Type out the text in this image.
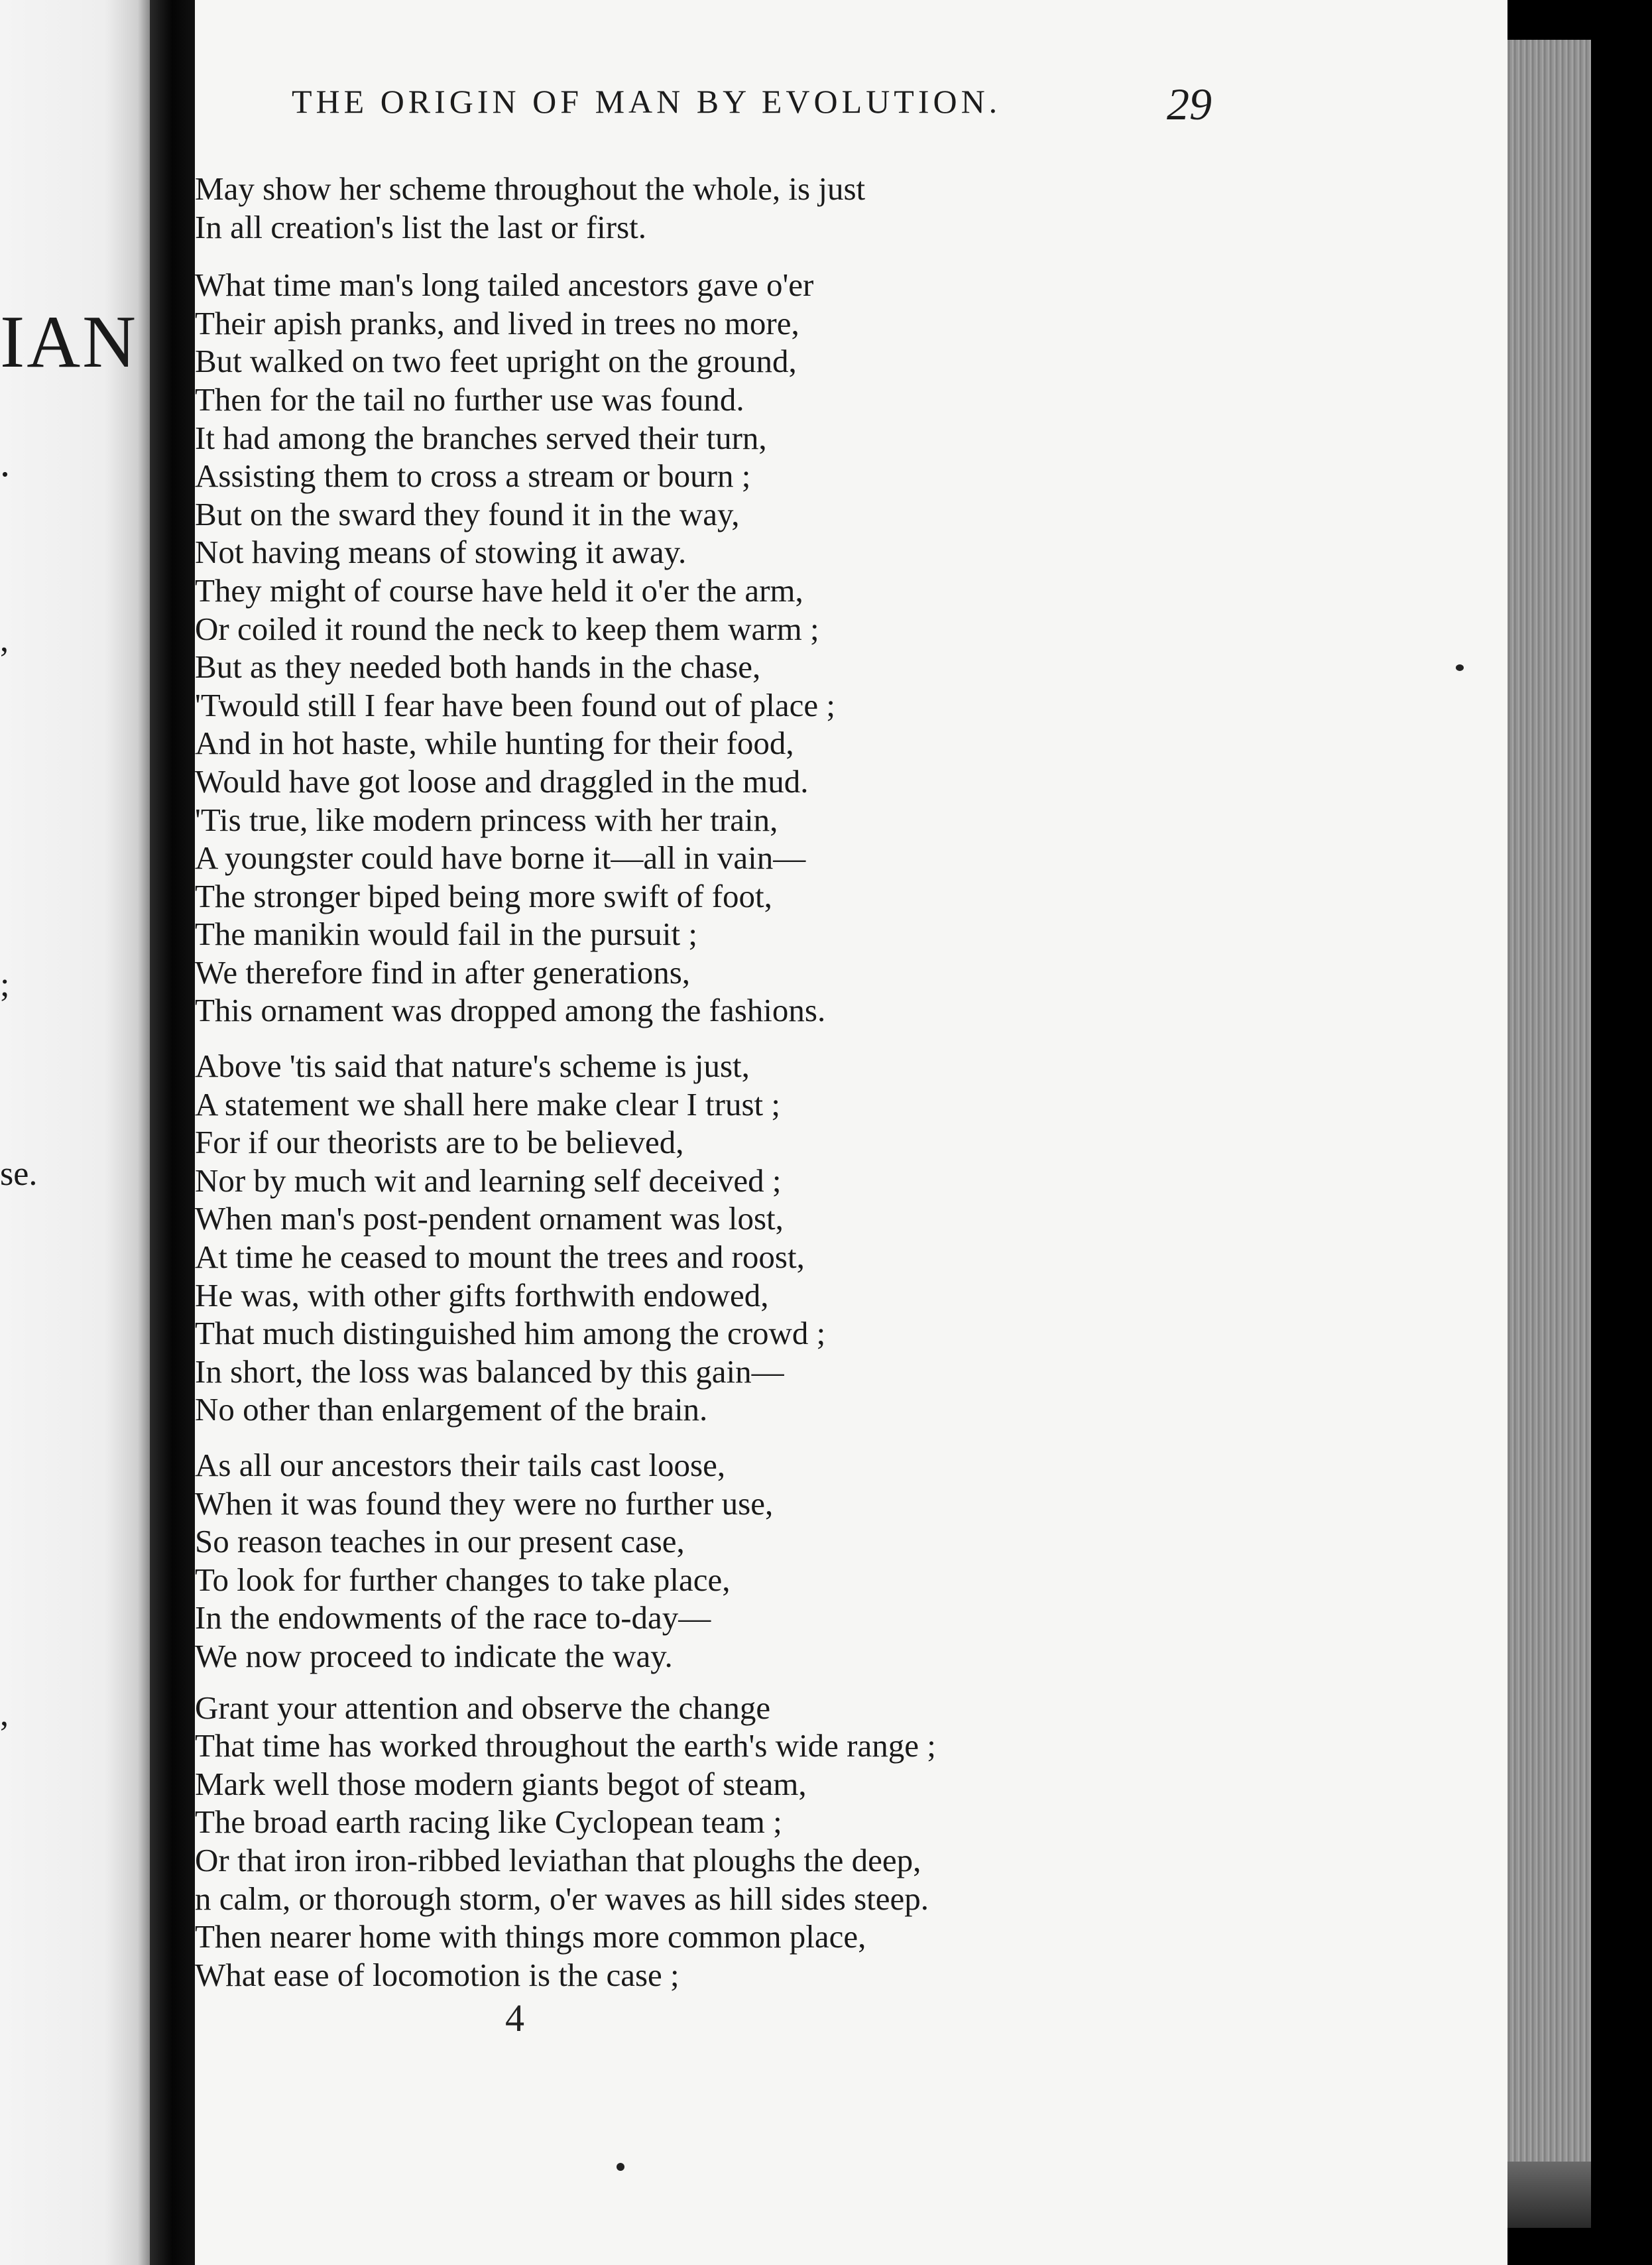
IAN
.
,
;
se.
,
THE ORIGIN OF MAN BY EVOLUTION.	29
May show her scheme throughout the whole, is just
In all creation's list the last or first.
What time man's long tailed ancestors gave o'er
Their apish pranks, and lived in trees no more,
But walked on two feet upright on the ground,
Then for the tail no further use was found.
It had among the branches served their turn,
Assisting them to cross a stream or bourn ;
But on the sward they found it in the way,
Not having means of stowing it away.
They might of course have held it o'er the arm,
Or coiled it round the neck to keep them warm ;
But as they needed both hands in the chase,
'Twould still I fear have been found out of place ;
And in hot haste, while hunting for their food,
Would have got loose and draggled in the mud.
'Tis true, like modern princess with her train,
A youngster could have borne it—all in vain—
The stronger biped being more swift of foot,
The manikin would fail in the pursuit ;
We therefore find in after generations,
This ornament was dropped among the fashions.
Above 'tis said that nature's scheme is just,
A statement we shall here make clear I trust ;
For if our theorists are to be believed,
Nor by much wit and learning self deceived ;
When man's post-pendent ornament was lost,
At time he ceased to mount the trees and roost,
He was, with other gifts forthwith endowed,
That much distinguished him among the crowd ;
In short, the loss was balanced by this gain—
No other than enlargement of the brain.
As all our ancestors their tails cast loose,
When it was found they were no further use,
So reason teaches in our present case,
To look for further changes to take place,
In the endowments of the race to-day—
We now proceed to indicate the way.
Grant your attention and observe the change
That time has worked throughout the earth's wide range ;
Mark well those modern giants begot of steam,
The broad earth racing like Cyclopean team ;
Or that iron iron-ribbed leviathan that ploughs the deep,
n calm, or thorough storm, o'er waves as hill sides steep.
Then nearer home with things more common place,
What ease of locomotion is the case ;
4
